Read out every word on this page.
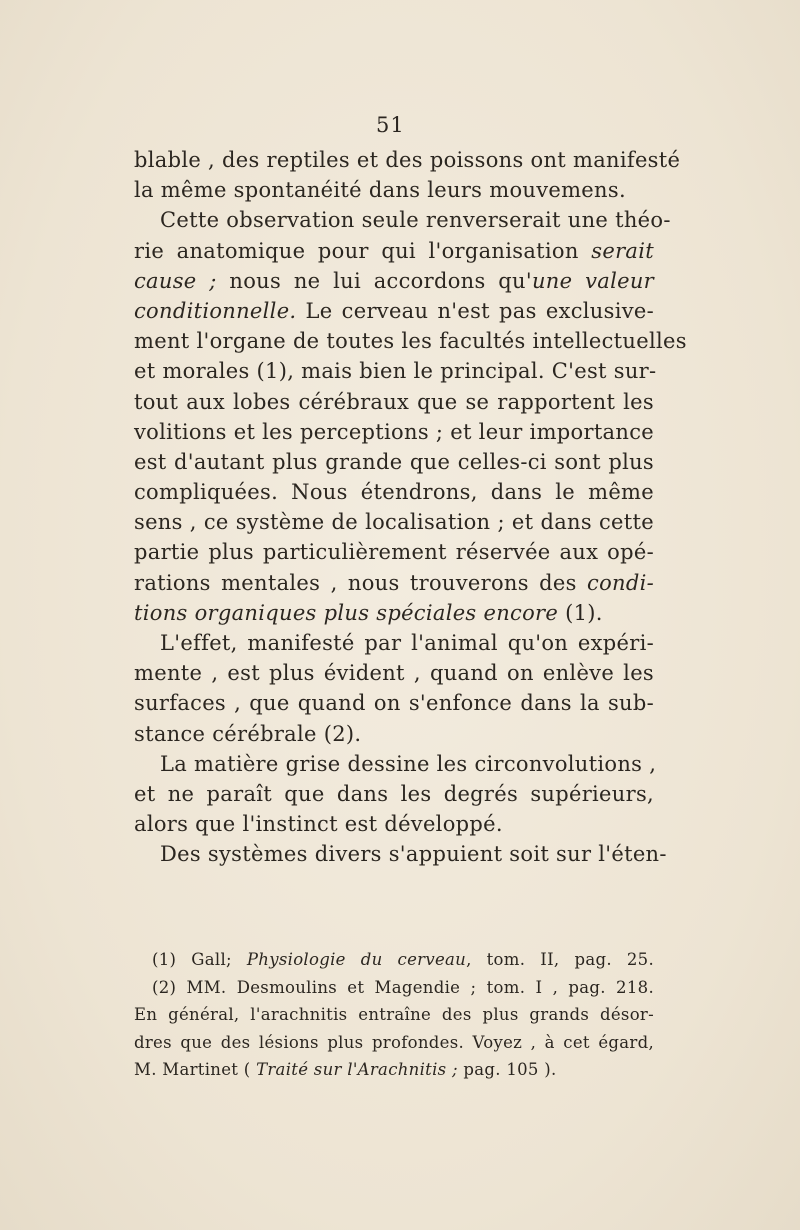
51
blable , des reptiles et des poissons ont manifesté
la même spontanéité dans leurs mouvemens.
Cette observation seule renverserait une théo-
rie anatomique pour qui l'organisation serait
cause ; nous ne lui accordons qu'une valeur
conditionnelle. Le cerveau n'est pas exclusive-
ment l'organe de toutes les facultés intellectuelles
et morales (1), mais bien le principal. C'est sur-
tout aux lobes cérébraux que se rapportent les
volitions et les perceptions ; et leur importance
est d'autant plus grande que celles-ci sont plus
compliquées. Nous étendrons, dans le même
sens , ce système de localisation ; et dans cette
partie plus particulièrement réservée aux opé-
rations mentales , nous trouverons des condi-
tions organiques plus spéciales encore (1).
L'effet, manifesté par l'animal qu'on expéri-
mente , est plus évident , quand on enlève les
surfaces , que quand on s'enfonce dans la sub-
stance cérébrale (2).
La matière grise dessine les circonvolutions ,
et ne paraît que dans les degrés supérieurs,
alors que l'instinct est développé.
Des systèmes divers s'appuient soit sur l'éten-
(1) Gall; Physiologie du cerveau, tom. II, pag. 25.
(2) MM. Desmoulins et Magendie ; tom. I , pag. 218.
En général, l'arachnitis entraîne des plus grands désor-
dres que des lésions plus profondes. Voyez , à cet égard,
M. Martinet ( Traité sur l'Arachnitis ; pag. 105 ).
